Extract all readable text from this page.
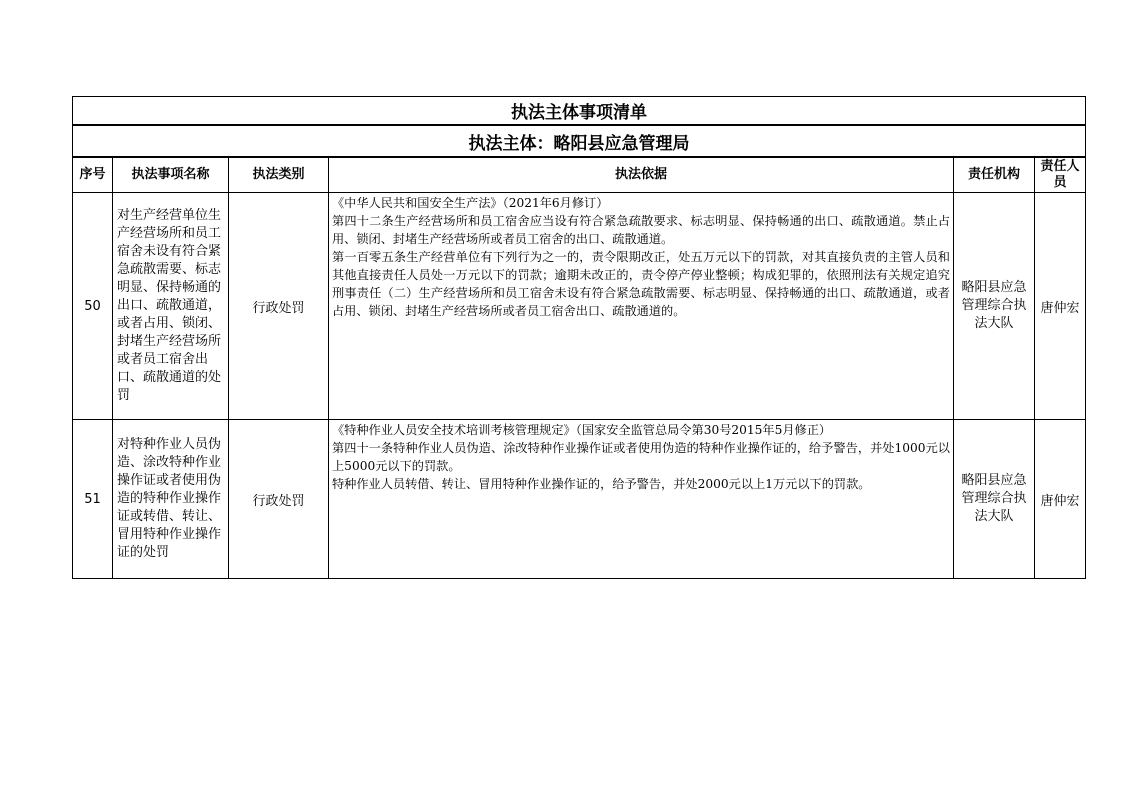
执法主体事项清单					
执法主体：略阳县应急管理局					
序号	执法事项名称	执法类别	执法依据	责任机构	责任人员
50	对生产经营单位生产经营场所和员工宿舍未设有符合紧急疏散需要、标志明显、保持畅通的出口、疏散通道，或者占用、锁闭、封堵生产经营场所或者员工宿舍出口、疏散通道的处罚	行政处罚	《中华人民共和国安全生产法》（2021年6月修订）

第四十二条生产经营场所和员工宿舍应当设有符合紧急疏散要求、标志明显、保持畅通的出口、疏散通道。禁止占用、锁闭、封堵生产经营场所或者员工宿舍的出口、疏散通道。

第一百零五条生产经营单位有下列行为之一的，责令限期改正，处五万元以下的罚款，对其直接负责的主管人员和其他直接责任人员处一万元以下的罚款；逾期未改正的，责令停产停业整顿；构成犯罪的，依照刑法有关规定追究刑事责任（二）生产经营场所和员工宿舍未设有符合紧急疏散需要、标志明显、保持畅通的出口、疏散通道，或者占用、锁闭、封堵生产经营场所或者员工宿舍出口、疏散通道的。	略阳县应急管理综合执法大队	唐仲宏
51	对特种作业人员伪造、涂改特种作业操作证或者使用伪造的特种作业操作证或转借、转让、冒用特种作业操作证的处罚	行政处罚	《特种作业人员安全技术培训考核管理规定》（国家安全监管总局令第30号2015年5月修正）

第四十一条特种作业人员伪造、涂改特种作业操作证或者使用伪造的特种作业操作证的，给予警告，并处1000元以上5000元以下的罚款。

特种作业人员转借、转让、冒用特种作业操作证的，给予警告，并处2000元以上1万元以下的罚款。	略阳县应急管理综合执法大队	唐仲宏
